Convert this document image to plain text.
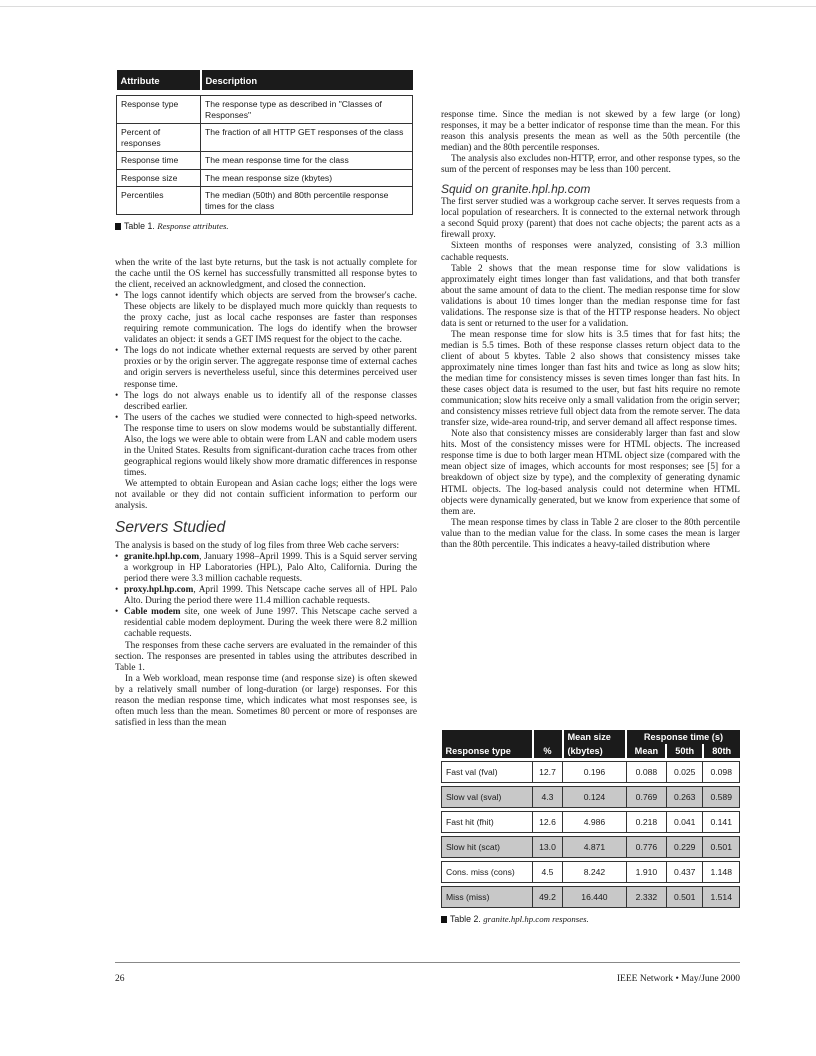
Attribute	Description

Response type	The response type as described in "Classes of Responses"
Percent of responses	The fraction of all HTTP GET responses of the class
Response time	The mean response time for the class
Response size	The mean response size (kbytes)
Percentiles	The median (50th) and 80th percentile response times for the class
Table 1. Response attributes.

when the write of the last byte returns, but the task is not actually complete for the cache until the OS kernel has successfully transmitted all response bytes to the client, received an acknowledgment, and closed the connection.

• The logs cannot identify which objects are served from the browser's cache. These objects are likely to be displayed much more quickly than requests to the proxy cache, just as local cache responses are faster than responses requiring remote communication. The logs do identify when the browser validates an object: it sends a GET IMS request for the object to the cache.
• The logs do not indicate whether external requests are served by other parent proxies or by the origin server. The aggregate response time of external caches and origin servers is nevertheless useful, since this determines perceived user response time.
• The logs do not always enable us to identify all of the response classes described earlier.
• The users of the caches we studied were connected to high-speed networks. The response time to users on slow modems would be substantially different. Also, the logs we were able to obtain were from LAN and cable modem users in the United States. Results from significant-duration cache traces from other geographical regions would likely show more dramatic differences in response times.

We attempted to obtain European and Asian cache logs; either the logs were not available or they did not contain sufficient information to perform our analysis.

Servers Studied

The analysis is based on the study of log files from three Web cache servers:

• granite.hpl.hp.com, January 1998–April 1999. This is a Squid server serving a workgroup in HP Laboratories (HPL), Palo Alto, California. During the period there were 3.3 million cachable requests.
• proxy.hpl.hp.com, April 1999. This Netscape cache serves all of HPL Palo Alto. During the period there were 11.4 million cachable requests.
• Cable modem site, one week of June 1997. This Netscape cache served a residential cable modem deployment. During the week there were 8.2 million cachable requests.

The responses from these cache servers are evaluated in the remainder of this section. The responses are presented in tables using the attributes described in Table 1.

In a Web workload, mean response time (and response size) is often skewed by a relatively small number of long-duration (or large) responses. For this reason the median response time, which indicates what most responses see, is often much less than the mean. Sometimes 80 percent or more of responses are satisfied in less than the mean

response time. Since the median is not skewed by a few large (or long) responses, it may be a better indicator of response time than the mean. For this reason this analysis presents the mean as well as the 50th percentile (the median) and the 80th percentile responses.

The analysis also excludes non-HTTP, error, and other response types, so the sum of the percent of responses may be less than 100 percent.

Squid on granite.hpl.hp.com

The first server studied was a workgroup cache server. It serves requests from a local population of researchers. It is connected to the external network through a second Squid proxy (parent) that does not cache objects; the parent acts as a firewall proxy.

Sixteen months of responses were analyzed, consisting of 3.3 million cachable requests.

Table 2 shows that the mean response time for slow validations is approximately eight times longer than fast validations, and that both transfer about the same amount of data to the client. The median response time for slow validations is about 10 times longer than the median response time for fast validations. The response size is that of the HTTP response headers. No object data is sent or returned to the user for a validation.

The mean response time for slow hits is 3.5 times that for fast hits; the median is 5.5 times. Both of these response classes return object data to the client of about 5 kbytes. Table 2 also shows that consistency misses take approximately nine times longer than fast hits and twice as long as slow hits; the median time for consistency misses is seven times longer than fast hits. In these cases object data is resumed to the user, but fast hits require no remote communication; slow hits receive only a small validation from the origin server; and consistency misses retrieve full object data from the remote server. The data transfer size, wide-area round-trip, and server demand all affect response times.

Note also that consistency misses are considerably larger than fast and slow hits. Most of the consistency misses were for HTML objects. The increased response time is due to both larger mean HTML object size (compared with the mean object size of images, which accounts for most responses; see [5] for a breakdown of object size by type), and the complexity of generating dynamic HTML objects. The log-based analysis could not determine when HTML objects were dynamically generated, but we know from experience that some of them are.

The mean response times by class in Table 2 are closer to the 80th percentile value than to the median value for the class. In some cases the mean is larger than the 80th percentile. This indicates a heavy-tailed distribution where

Response type	%	Mean size	Response time (s)		
		(kbytes)	Mean	50th	80th

Fast val (fval)	12.7	0.196	0.088	0.025	0.098

Slow val (sval)	4.3	0.124	0.769	0.263	0.589

Fast hit (fhit)	12.6	4.986	0.218	0.041	0.141

Slow hit (scat)	13.0	4.871	0.776	0.229	0.501

Cons. miss (cons)	4.5	8.242	1.910	0.437	1.148

Miss (miss)	49.2	16.440	2.332	0.501	1.514
Table 2. granite.hpl.hp.com responses.
26	IEEE Network • May/June 2000
